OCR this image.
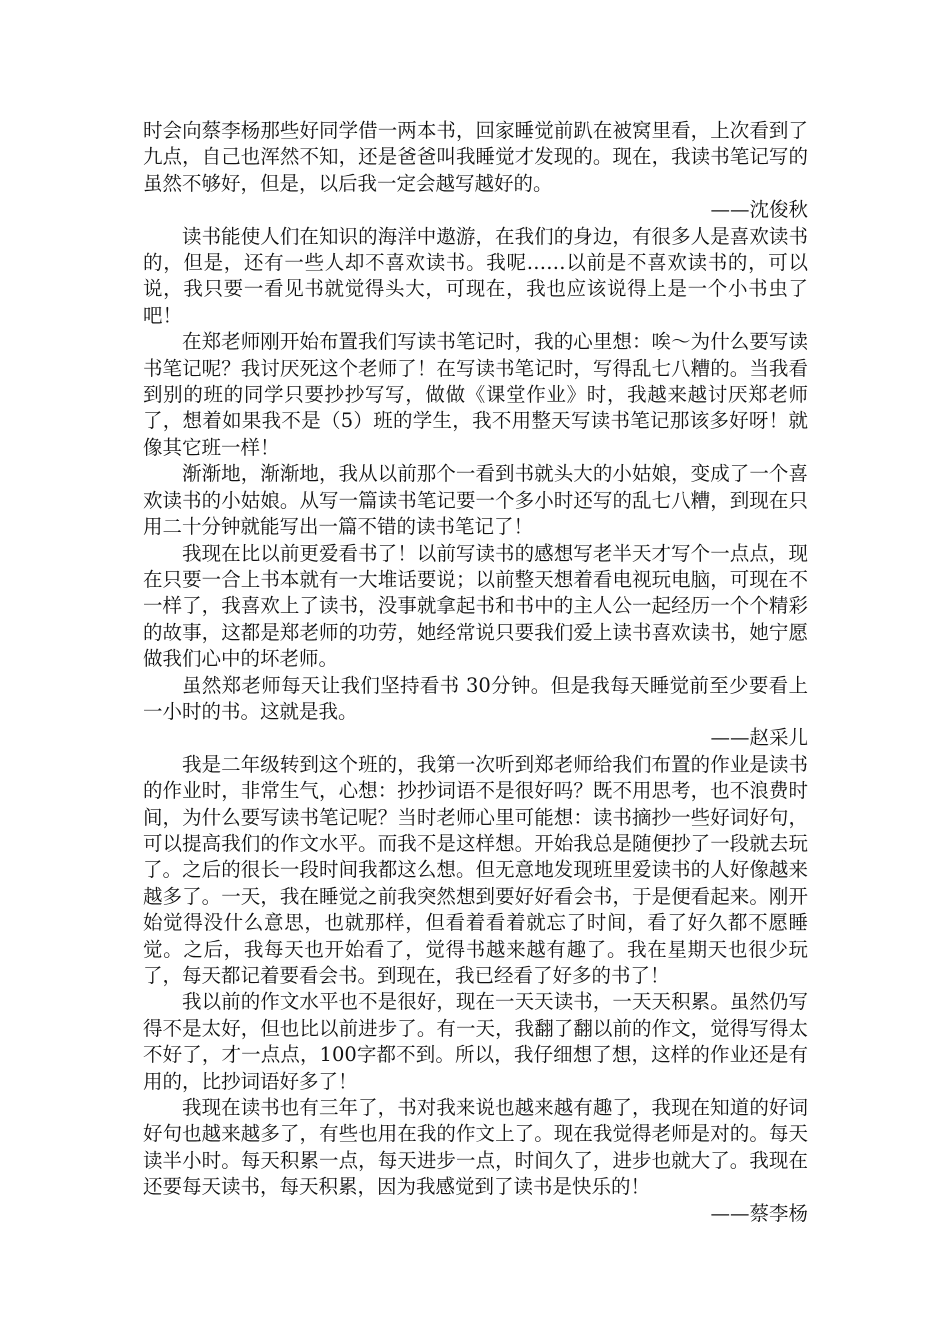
时会向蔡李杨那些好同学借一两本书，回家睡觉前趴在被窝里看，上次看到了九点，自己也浑然不知，还是爸爸叫我睡觉才发现的。现在，我读书笔记写的虽然不够好，但是，以后我一定会越写越好的。

——沈俊秋

读书能使人们在知识的海洋中遨游，在我们的身边，有很多人是喜欢读书的，但是，还有一些人却不喜欢读书。我呢……以前是不喜欢读书的，可以说，我只要一看见书就觉得头大，可现在，我也应该说得上是一个小书虫了吧！

在郑老师刚开始布置我们写读书笔记时，我的心里想：唉～为什么要写读书笔记呢？我讨厌死这个老师了！在写读书笔记时，写得乱七八糟的。当我看到别的班的同学只要抄抄写写，做做《课堂作业》时，我越来越讨厌郑老师了，想着如果我不是（5）班的学生，我不用整天写读书笔记那该多好呀！就像其它班一样！

渐渐地，渐渐地，我从以前那个一看到书就头大的小姑娘，变成了一个喜欢读书的小姑娘。从写一篇读书笔记要一个多小时还写的乱七八糟，到现在只用二十分钟就能写出一篇不错的读书笔记了！

我现在比以前更爱看书了！以前写读书的感想写老半天才写个一点点，现在只要一合上书本就有一大堆话要说；以前整天想着看电视玩电脑，可现在不一样了，我喜欢上了读书，没事就拿起书和书中的主人公一起经历一个个精彩的故事，这都是郑老师的功劳，她经常说只要我们爱上读书喜欢读书，她宁愿做我们心中的坏老师。

虽然郑老师每天让我们坚持看书 30分钟。但是我每天睡觉前至少要看上一小时的书。这就是我。

——赵采儿

我是二年级转到这个班的，我第一次听到郑老师给我们布置的作业是读书的作业时，非常生气，心想：抄抄词语不是很好吗？既不用思考，也不浪费时间，为什么要写读书笔记呢？当时老师心里可能想：读书摘抄一些好词好句，可以提高我们的作文水平。而我不是这样想。开始我总是随便抄了一段就去玩了。之后的很长一段时间我都这么想。但无意地发现班里爱读书的人好像越来越多了。一天，我在睡觉之前我突然想到要好好看会书，于是便看起来。刚开始觉得没什么意思，也就那样，但看着看着就忘了时间，看了好久都不愿睡觉。之后，我每天也开始看了，觉得书越来越有趣了。我在星期天也很少玩了，每天都记着要看会书。到现在，我已经看了好多的书了！

我以前的作文水平也不是很好，现在一天天读书，一天天积累。虽然仍写得不是太好，但也比以前进步了。有一天，我翻了翻以前的作文，觉得写得太不好了，才一点点，100字都不到。所以，我仔细想了想，这样的作业还是有用的，比抄词语好多了！

我现在读书也有三年了，书对我来说也越来越有趣了，我现在知道的好词好句也越来越多了，有些也用在我的作文上了。现在我觉得老师是对的。每天读半小时。每天积累一点，每天进步一点，时间久了，进步也就大了。我现在还要每天读书，每天积累，因为我感觉到了读书是快乐的！

——蔡李杨
